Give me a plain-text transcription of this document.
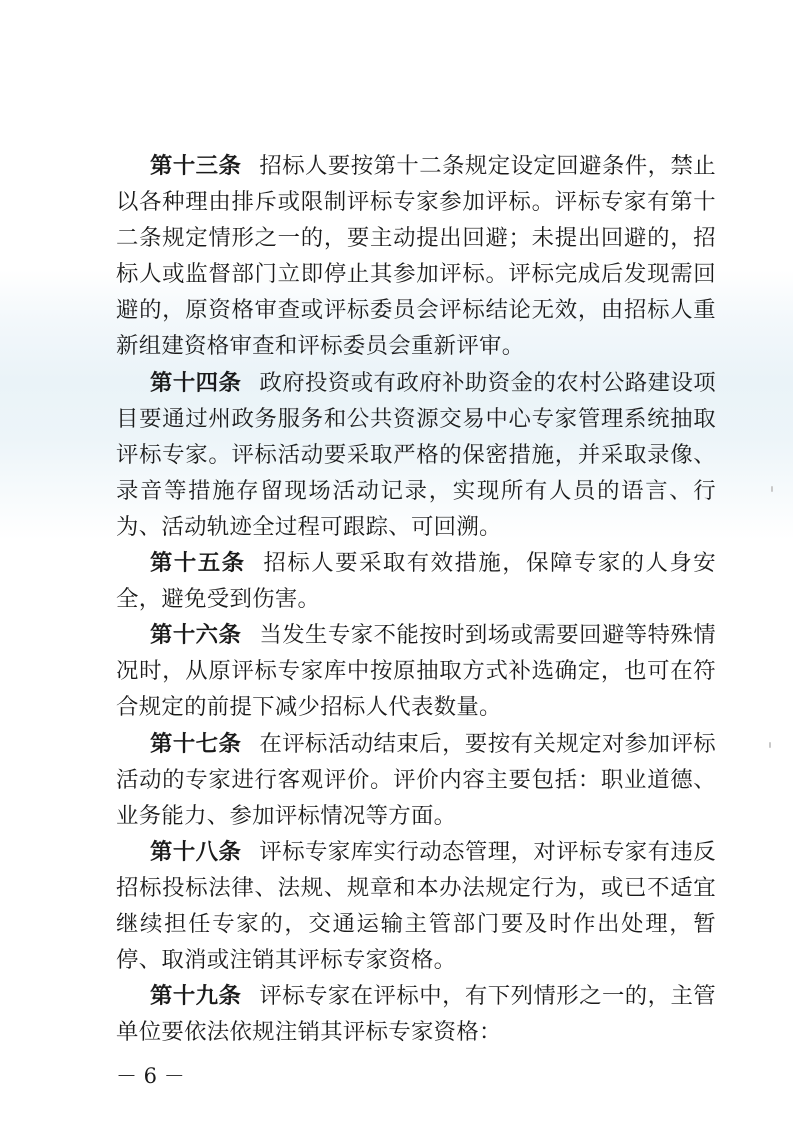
第十三条 招标人要按第十二条规定设定回避条件，禁止以各种理由排斥或限制评标专家参加评标。评标专家有第十二条规定情形之一的，要主动提出回避；未提出回避的，招标人或监督部门立即停止其参加评标。评标完成后发现需回避的，原资格审查或评标委员会评标结论无效，由招标人重新组建资格审查和评标委员会重新评审。

第十四条 政府投资或有政府补助资金的农村公路建设项目要通过州政务服务和公共资源交易中心专家管理系统抽取评标专家。评标活动要采取严格的保密措施，并采取录像、录音等措施存留现场活动记录，实现所有人员的语言、行为、活动轨迹全过程可跟踪、可回溯。

第十五条 招标人要采取有效措施，保障专家的人身安全，避免受到伤害。

第十六条 当发生专家不能按时到场或需要回避等特殊情况时，从原评标专家库中按原抽取方式补选确定，也可在符合规定的前提下减少招标人代表数量。

第十七条 在评标活动结束后，要按有关规定对参加评标活动的专家进行客观评价。评价内容主要包括：职业道德、业务能力、参加评标情况等方面。

第十八条 评标专家库实行动态管理，对评标专家有违反招标投标法律、法规、规章和本办法规定行为，或已不适宜继续担任专家的，交通运输主管部门要及时作出处理，暂停、取消或注销其评标专家资格。

第十九条 评标专家在评标中，有下列情形之一的，主管单位要依法依规注销其评标专家资格：

－ 6 －
